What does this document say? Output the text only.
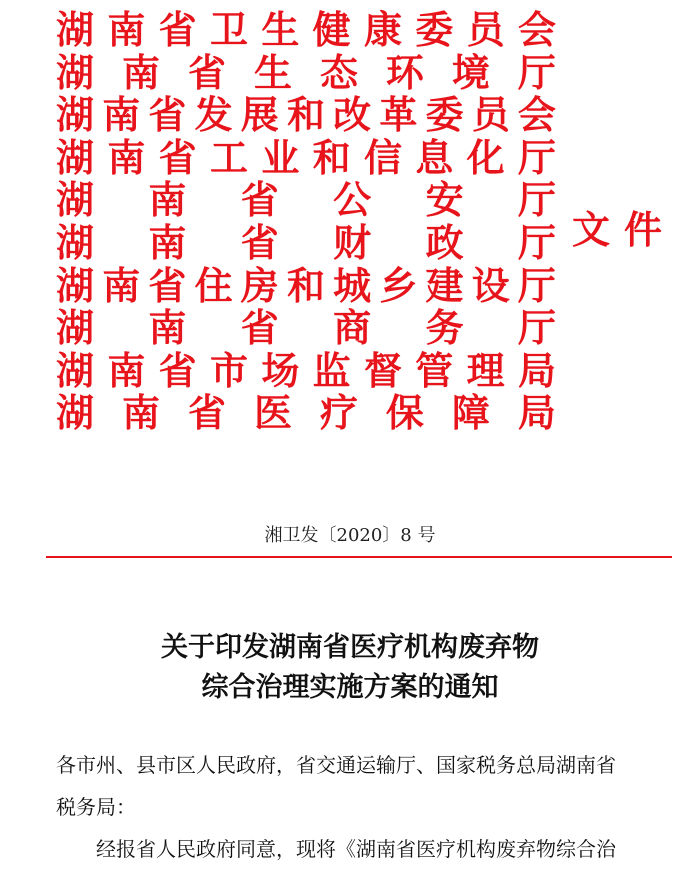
湖 南 省 卫 生 健 康 委 员 会
湖 南 省 生 态 环 境 厅
湖 南 省 发 展 和 改 革 委 员 会
湖 南 省 工 业 和 信 息 化 厅
湖 南 省 公 安 厅
湖 南 省 财 政 厅
湖 南 省 住 房 和 城 乡 建 设 厅
湖 南 省 商 务 厅
湖 南 省 市 场 监 督 管 理 局
湖 南 省 医 疗 保 障 局
文件
湘卫发〔2020〕8 号
关于印发湖南省医疗机构废弃物
综合治理实施方案的通知

各市州、县市区人民政府，省交通运输厅、国家税务总局湖南省

税务局：

经报省人民政府同意，现将《湖南省医疗机构废弃物综合治
